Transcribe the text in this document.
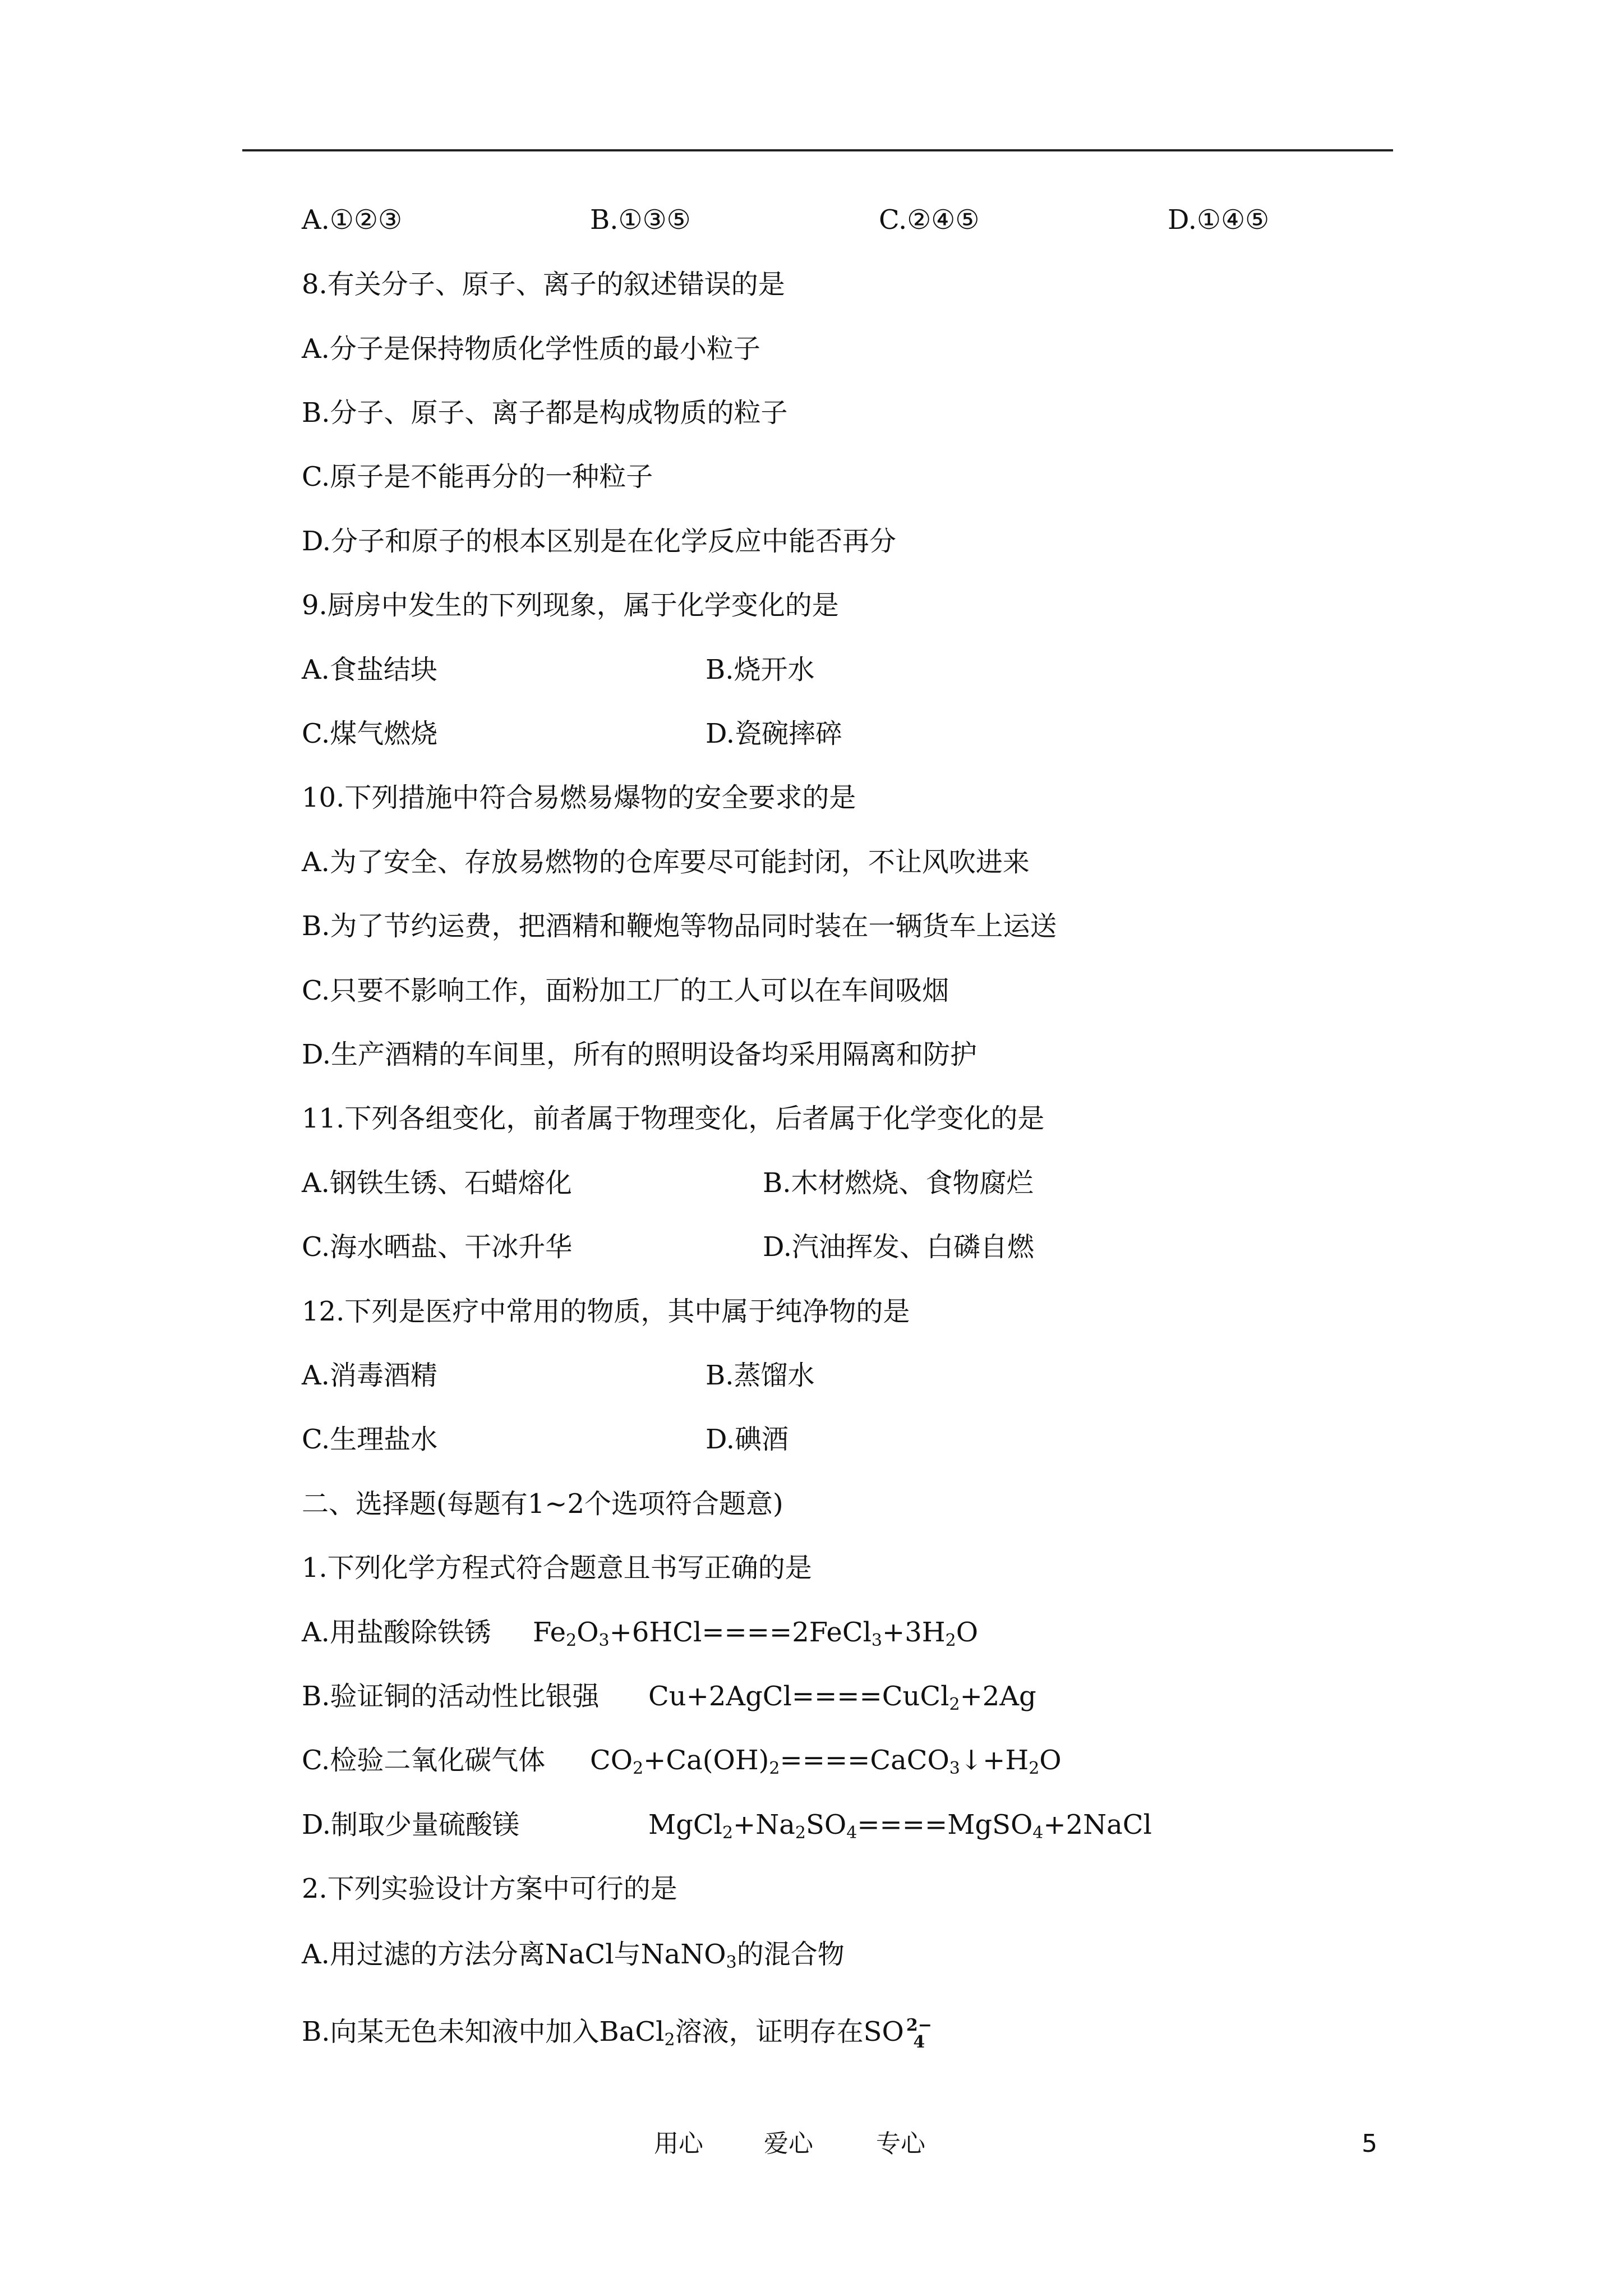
A.①②③	B.①③⑤	C.②④⑤	D.①④⑤
8.有关分子、原子、离子的叙述错误的是
A.分子是保持物质化学性质的最小粒子
B.分子、原子、离子都是构成物质的粒子
C.原子是不能再分的一种粒子
D.分子和原子的根本区别是在化学反应中能否再分
9.厨房中发生的下列现象，属于化学变化的是
A.食盐结块	B.烧开水
C.煤气燃烧	D.瓷碗摔碎
10.下列措施中符合易燃易爆物的安全要求的是
A.为了安全、存放易燃物的仓库要尽可能封闭，不让风吹进来
B.为了节约运费，把酒精和鞭炮等物品同时装在一辆货车上运送
C.只要不影响工作，面粉加工厂的工人可以在车间吸烟
D.生产酒精的车间里，所有的照明设备均采用隔离和防护
11.下列各组变化，前者属于物理变化，后者属于化学变化的是
A.钢铁生锈、石蜡熔化	B.木材燃烧、食物腐烂
C.海水晒盐、干冰升华	D.汽油挥发、白磷自燃
12.下列是医疗中常用的物质，其中属于纯净物的是
A.消毒酒精	B.蒸馏水
C.生理盐水	D.碘酒
二、选择题(每题有1~2个选项符合题意)
1.下列化学方程式符合题意且书写正确的是
A.用盐酸除铁锈 $Fe_2O_3+6HCl====2FeCl_3+3H_2O$
B.验证铜的活动性比银强 Cu+2AgCl====CuCl$_2$+2Ag
C.检验二氧化碳气体 $CO_2+Ca(OH)_2====CaCO_3↓+H_2O$
D.制取少量硫酸镁	$MgCl_2+Na_2SO_4====MgSO_4+2NaCl$
2.下列实验设计方案中可行的是
A.用过滤的方法分离NaCl与NaNO$_3$的混合物
B.向某无色未知液中加入BaCl$_2$溶液，证明存在SO 2−
4
用心 爱心	专心	5
